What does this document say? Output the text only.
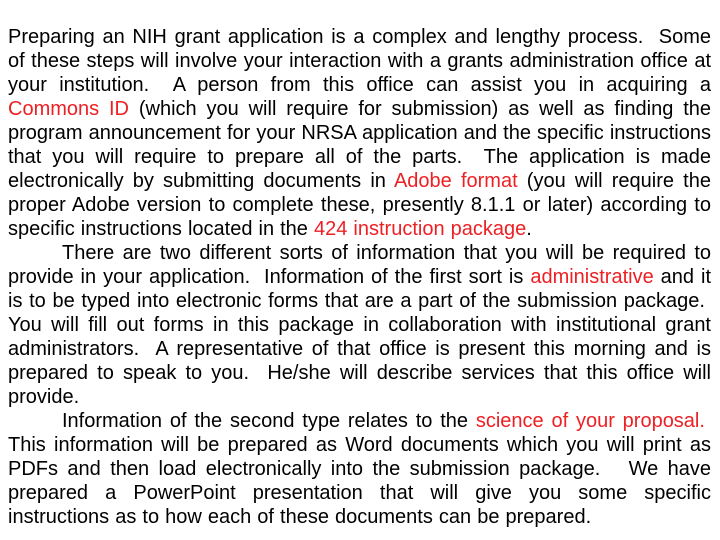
Preparing an NIH grant application is a complex and lengthy process.  Some of these steps will involve your interaction with a grants administration office at your institution.  A person from this office can assist you in acquiring a Commons ID (which you will require for submission) as well as finding the program announcement for your NRSA application and the specific instructions that you will require to prepare all of the parts.  The application is made electronically by submitting documents in Adobe format (you will require the proper Adobe version to complete these, presently 8.1.1 or later) according to specific instructions located in the 424 instruction package.

There are two different sorts of information that you will be required to provide in your application.  Information of the first sort is administrative and it is to be typed into electronic forms that are a part of the submission package.  You will fill out forms in this package in collaboration with institutional grant administrators.  A representative of that office is present this morning and is prepared to speak to you.  He/she will describe services that this office will provide.

Information of the second type relates to the science of your proposal.  This information will be prepared as Word documents which you will print as PDFs and then load electronically into the submission package.   We have prepared a PowerPoint presentation that will give you some specific instructions as to how each of these documents can be prepared.
